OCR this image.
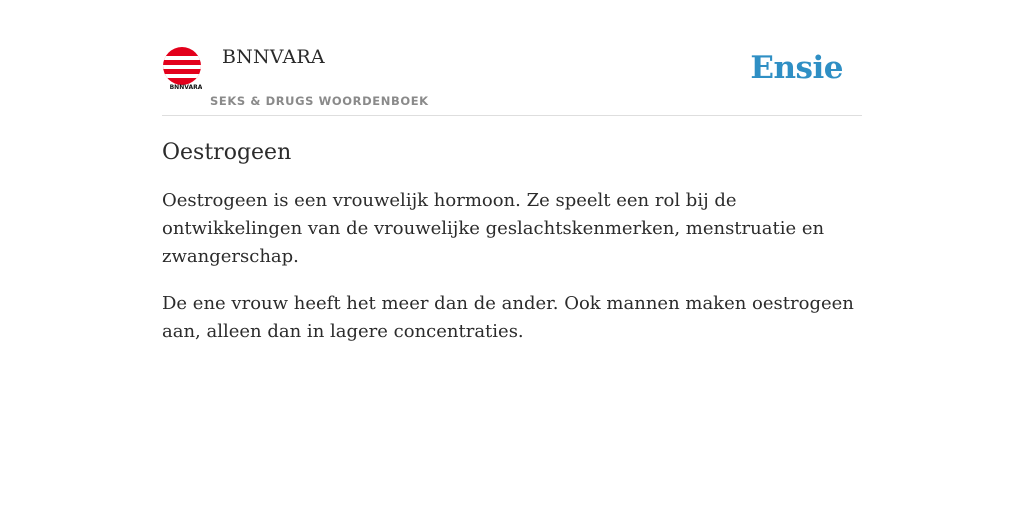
BNNVARA
BNNVARA
SEKS & DRUGS WOORDENBOEK
Ensie
Oestrogeen

Oestrogeen is een vrouwelijk hormoon. Ze speelt een rol bij de ontwikkelingen van de vrouwelijke geslachtskenmerken, menstruatie en zwangerschap.

De ene vrouw heeft het meer dan de ander. Ook mannen maken oestrogeen aan, alleen dan in lagere concentraties.
